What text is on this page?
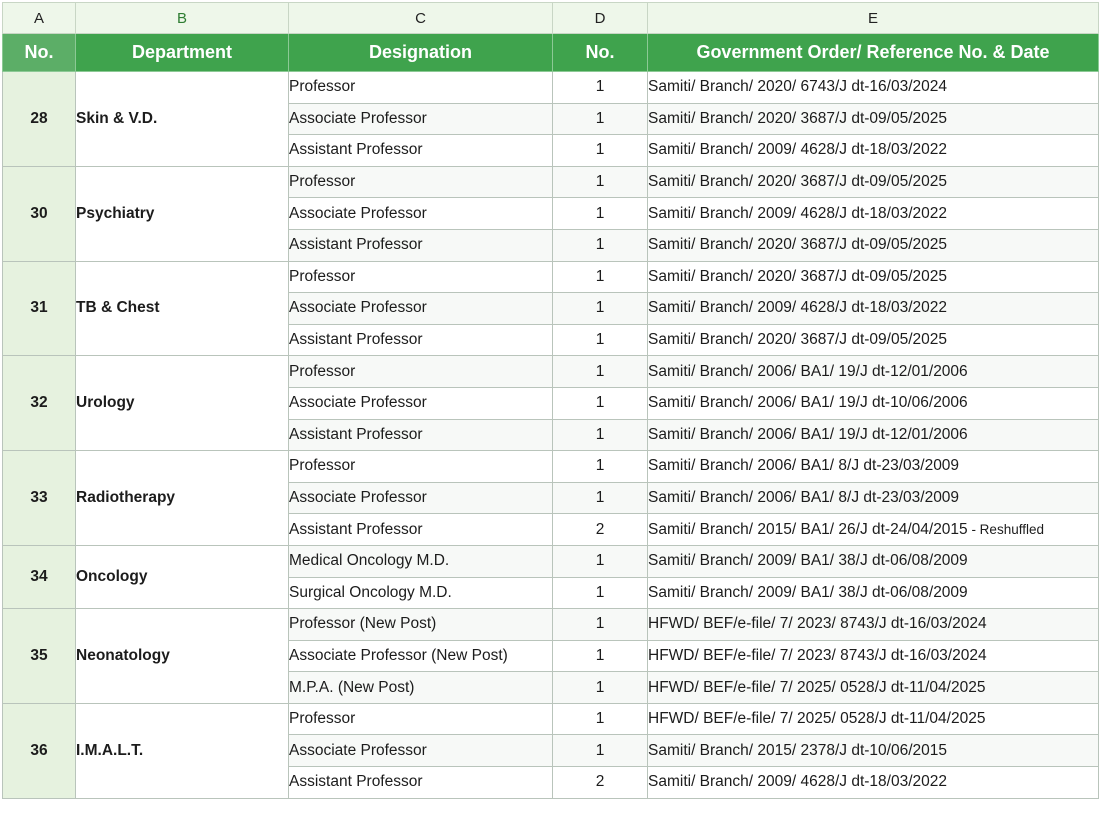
A	B	C	D	E
No.	Department	Designation	No.	Government Order/ Reference No. & Date
28	Skin & V.D.	Professor	1	Samiti/ Branch/ 2020/ 6743/J dt-16/03/2024
		Associate Professor	1	Samiti/ Branch/ 2020/ 3687/J dt-09/05/2025
		Assistant Professor	1	Samiti/ Branch/ 2009/ 4628/J dt-18/03/2022
30	Psychiatry	Professor	1	Samiti/ Branch/ 2020/ 3687/J dt-09/05/2025
		Associate Professor	1	Samiti/ Branch/ 2009/ 4628/J dt-18/03/2022
		Assistant Professor	1	Samiti/ Branch/ 2020/ 3687/J dt-09/05/2025
31	TB & Chest	Professor	1	Samiti/ Branch/ 2020/ 3687/J dt-09/05/2025
		Associate Professor	1	Samiti/ Branch/ 2009/ 4628/J dt-18/03/2022
		Assistant Professor	1	Samiti/ Branch/ 2020/ 3687/J dt-09/05/2025
32	Urology	Professor	1	Samiti/ Branch/ 2006/ BA1/ 19/J dt-12/01/2006
		Associate Professor	1	Samiti/ Branch/ 2006/ BA1/ 19/J dt-10/06/2006
		Assistant Professor	1	Samiti/ Branch/ 2006/ BA1/ 19/J dt-12/01/2006
33	Radiotherapy	Professor	1	Samiti/ Branch/ 2006/ BA1/ 8/J dt-23/03/2009
		Associate Professor	1	Samiti/ Branch/ 2006/ BA1/ 8/J dt-23/03/2009
		Assistant Professor	2	Samiti/ Branch/ 2015/ BA1/ 26/J dt-24/04/2015 - Reshuffled
34	Oncology	Medical Oncology M.D.	1	Samiti/ Branch/ 2009/ BA1/ 38/J dt-06/08/2009
		Surgical Oncology M.D.	1	Samiti/ Branch/ 2009/ BA1/ 38/J dt-06/08/2009
35	Neonatology	Professor (New Post)	1	HFWD/ BEF/e-file/ 7/ 2023/ 8743/J dt-16/03/2024
		Associate Professor (New Post)	1	HFWD/ BEF/e-file/ 7/ 2023/ 8743/J dt-16/03/2024
		M.P.A. (New Post)	1	HFWD/ BEF/e-file/ 7/ 2025/ 0528/J dt-11/04/2025
36	I.M.A.L.T.	Professor	1	HFWD/ BEF/e-file/ 7/ 2025/ 0528/J dt-11/04/2025
		Associate Professor	1	Samiti/ Branch/ 2015/ 2378/J dt-10/06/2015
		Assistant Professor	2	Samiti/ Branch/ 2009/ 4628/J dt-18/03/2022
